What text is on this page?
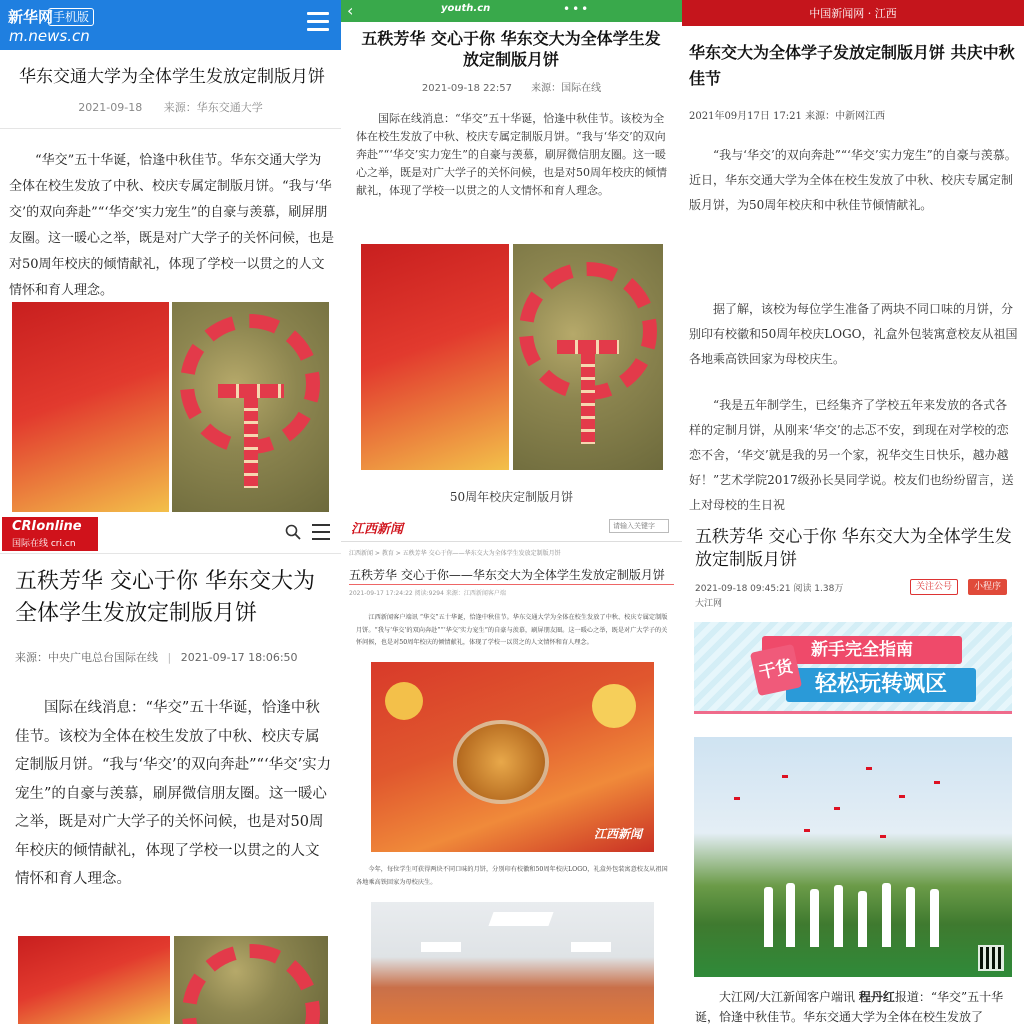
新华网 手机版
m.news.cn
华东交通大学为全体学生发放定制版月饼
2021-09-18 来源：华东交通大学
“华交”五十华诞，恰逢中秋佳节。华东交通大学为全体在校生发放了中秋、校庆专属定制版月饼。“我与‘华交’的双向奔赴”“‘华交’实力宠生”的自豪与羡慕，刷屏朋友圈。这一暖心之举，既是对广大学子的关怀问候，也是对50周年校庆的倾情献礼，体现了学校一以贯之的人文情怀和育人理念。
‹	youth.cn	•••
五秩芳华 交心于你 华东交大为全体学生发放定制版月饼
2021-09-18 22:57 来源：国际在线
国际在线消息：“华交”五十华诞，恰逢中秋佳节。该校为全体在校生发放了中秋、校庆专属定制版月饼。“我与‘华交’的双向奔赴”“‘华交’实力宠生”的自豪与羡慕，刷屏微信朋友圈。这一暖心之举，既是对广大学子的关怀问候，也是对50周年校庆的倾情献礼，体现了学校一以贯之的人文情怀和育人理念。
50周年校庆定制版月饼
中国新闻网 · 江西
华东交大为全体学子发放定制版月饼 共庆中秋佳节
2021年09月17日 17:21 来源：中新网江西
“我与‘华交’的双向奔赴”“‘华交’实力宠生”的自豪与羡慕。近日，华东交通大学为全体在校生发放了中秋、校庆专属定制版月饼，为50周年校庆和中秋佳节倾情献礼。
据了解，该校为每位学生准备了两块不同口味的月饼，分别印有校徽和50周年校庆LOGO，礼盒外包装寓意校友从祖国各地乘高铁回家为母校庆生。
“我是五年制学生，已经集齐了学校五年来发放的各式各样的定制月饼，从刚来‘华交’的忐忑不安，到现在对学校的恋恋不舍，‘华交’就是我的另一个家，祝华交生日快乐，越办越好！”艺术学院2017级孙长昊同学说。校友们也纷纷留言，送上对母校的生日祝
CRIonline
国际在线 cri.cn
五秩芳华 交心于你 华东交大为全体学生发放定制版月饼
来源：中央广电总台国际在线 | 2021-09-17 18:06:50
国际在线消息：“华交”五十华诞，恰逢中秋佳节。该校为全体在校生发放了中秋、校庆专属定制版月饼。“我与‘华交’的双向奔赴”“‘华交’实力宠生”的自豪与羡慕，刷屏微信朋友圈。这一暖心之举，既是对广大学子的关怀问候，也是对50周年校庆的倾情献礼，体现了学校一以贯之的人文情怀和育人理念。
江西新闻	请输入关键字
江西新闻 > 教育 > 五秩芳华 交心于你——华东交大为全体学生发放定制版月饼
五秩芳华 交心于你——华东交大为全体学生发放定制版月饼
2021-09-17 17:24:22 阅读:9294 来源：江西新闻客户端
江西新闻客户端讯 “华交”五十华诞，恰逢中秋佳节。华东交通大学为全体在校生发放了中秋、校庆专属定制版月饼。“我与‘华交’的双向奔赴”“‘华交’实力宠生”的自豪与羡慕，刷屏朋友圈。这一暖心之举，既是对广大学子的关怀问候，也是对50周年校庆的倾情献礼，体现了学校一以贯之的人文情怀和育人理念。
江西新闻
今年，每位学生可获得两块不同口味的月饼，分别印有校徽和50周年校庆LOGO，礼盒外包装寓意校友从祖国各地乘高铁回家为母校庆生。
五秩芳华 交心于你 华东交大为全体学生发放定制版月饼
2021-09-18 09:45:21 阅读 1.38万
大江网
关注公号	小程序
新手完全指南
轻松玩转飒区
干货
大江网/大江新闻客户端讯 程丹红报道：“华交”五十华诞，恰逢中秋佳节。华东交通大学为全体在校生发放了
